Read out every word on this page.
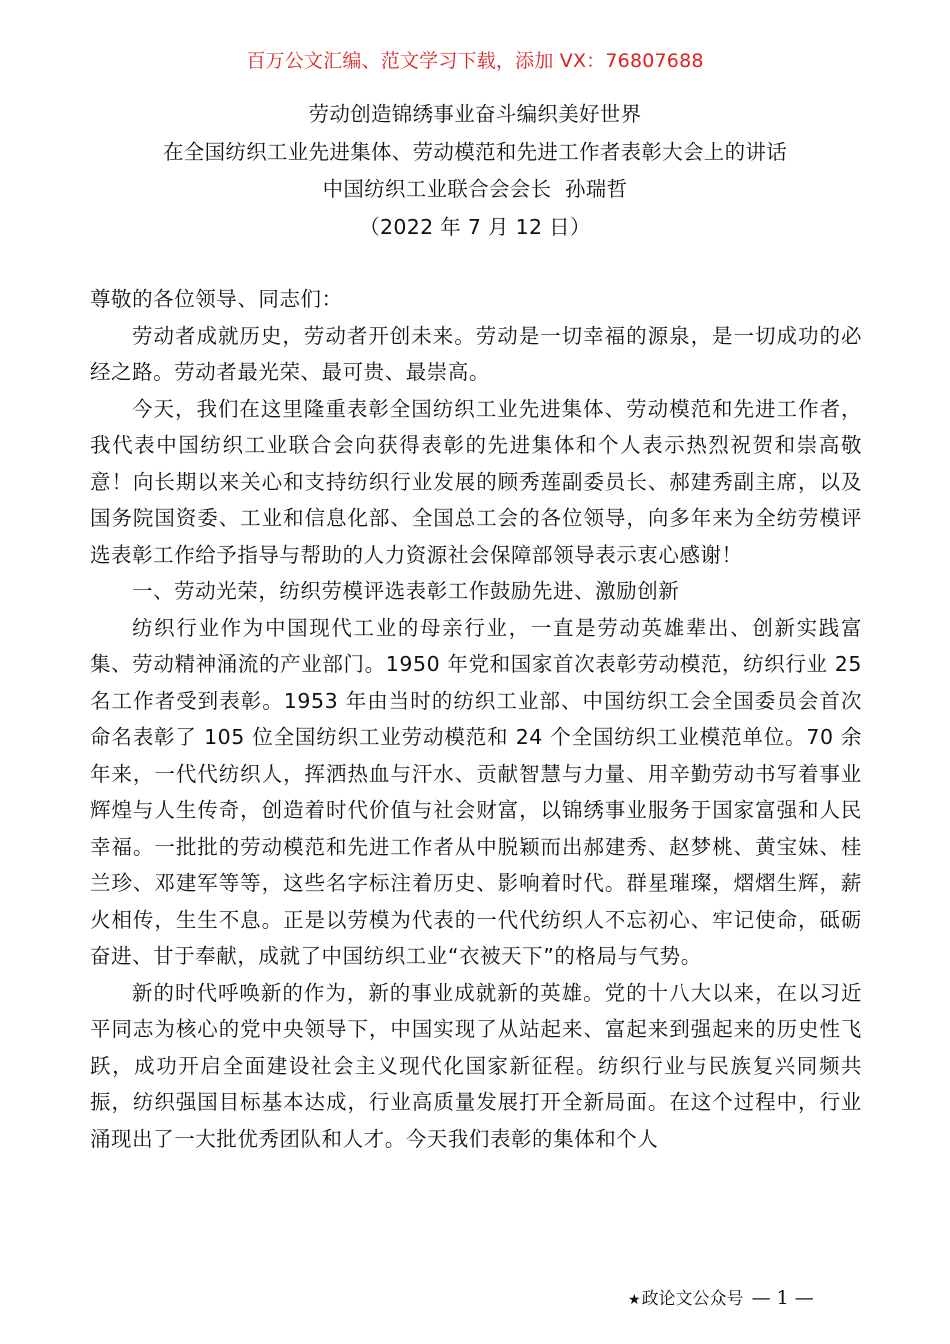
百万公文汇编、范文学习下载，添加 VX：76807688
劳动创造锦绣事业奋斗编织美好世界
在全国纺织工业先进集体、劳动模范和先进工作者表彰大会上的讲话
中国纺织工业联合会会长  孙瑞哲
（2022 年 7 月 12 日）

尊敬的各位领导、同志们：

劳动者成就历史，劳动者开创未来。劳动是一切幸福的源泉，是一切成功的必经之路。劳动者最光荣、最可贵、最崇高。

今天，我们在这里隆重表彰全国纺织工业先进集体、劳动模范和先进工作者，我代表中国纺织工业联合会向获得表彰的先进集体和个人表示热烈祝贺和崇高敬意！向长期以来关心和支持纺织行业发展的顾秀莲副委员长、郝建秀副主席，以及国务院国资委、工业和信息化部、全国总工会的各位领导，向多年来为全纺劳模评选表彰工作给予指导与帮助的人力资源社会保障部领导表示衷心感谢！

一、劳动光荣，纺织劳模评选表彰工作鼓励先进、激励创新

纺织行业作为中国现代工业的母亲行业，一直是劳动英雄辈出、创新实践富集、劳动精神涌流的产业部门。1950 年党和国家首次表彰劳动模范，纺织行业 25 名工作者受到表彰。1953 年由当时的纺织工业部、中国纺织工会全国委员会首次命名表彰了 105 位全国纺织工业劳动模范和 24 个全国纺织工业模范单位。70 余年来，一代代纺织人，挥洒热血与汗水、贡献智慧与力量、用辛勤劳动书写着事业辉煌与人生传奇，创造着时代价值与社会财富，以锦绣事业服务于国家富强和人民幸福。一批批的劳动模范和先进工作者从中脱颖而出郝建秀、赵梦桃、黄宝妹、桂兰珍、邓建军等等，这些名字标注着历史、影响着时代。群星璀璨，熠熠生辉，薪火相传，生生不息。正是以劳模为代表的一代代纺织人不忘初心、牢记使命，砥砺奋进、甘于奉献，成就了中国纺织工业“衣被天下”的格局与气势。

新的时代呼唤新的作为，新的事业成就新的英雄。党的十八大以来，在以习近平同志为核心的党中央领导下，中国实现了从站起来、富起来到强起来的历史性飞跃，成功开启全面建设社会主义现代化国家新征程。纺织行业与民族复兴同频共振，纺织强国目标基本达成，行业高质量发展打开全新局面。在这个过程中，行业涌现出了一大批优秀团队和人才。今天我们表彰的集体和个人

★政论文公众号 — 1 —
